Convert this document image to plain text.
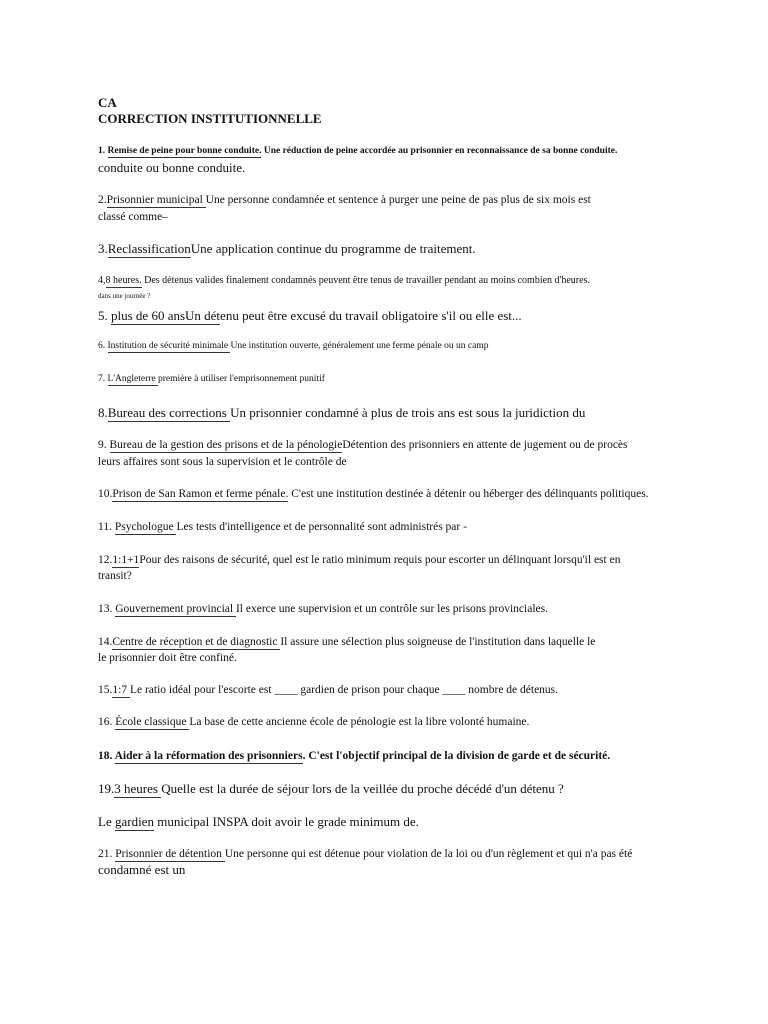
CA
CORRECTION INSTITUTIONNELLE
1. Remise de peine pour bonne conduite. Une réduction de peine accordée au prisonnier en reconnaissance de sa bonne conduite.
conduite ou bonne conduite.
2.Prisonnier municipal Une personne condamnée et sentence à purger une peine de pas plus de six mois est
classé comme–
3.ReclassificationUne application continue du programme de traitement.
4,8 heures. Des détenus valides finalement condamnés peuvent être tenus de travailler pendant au moins combien d'heures.
dans une journée ?
5. plus de 60 ansUn détenu peut être excusé du travail obligatoire s'il ou elle est...
6. Institution de sécurité minimale Une institution ouverte, généralement une ferme pénale ou un camp
7. L'Angleterre première à utiliser l'emprisonnement punitif
8.Bureau des corrections Un prisonnier condamné à plus de trois ans est sous la juridiction du
9. Bureau de la gestion des prisons et de la pénologieDétention des prisonniers en attente de jugement ou de procès
leurs affaires sont sous la supervision et le contrôle de
10.Prison de San Ramon et ferme pénale. C'est une institution destinée à détenir ou héberger des délinquants politiques.
11. Psychologue Les tests d'intelligence et de personnalité sont administrés par -
12.1:1+1Pour des raisons de sécurité, quel est le ratio minimum requis pour escorter un délinquant lorsqu'il est en
transit?
13. Gouvernement provincial Il exerce une supervision et un contrôle sur les prisons provinciales.
14.Centre de réception et de diagnostic Il assure une sélection plus soigneuse de l'institution dans laquelle le
le prisonnier doit être confiné.
15.1:7 Le ratio idéal pour l'escorte est ____ gardien de prison pour chaque ____ nombre de détenus.
16. École classique La base de cette ancienne école de pénologie est la libre volonté humaine.
18. Aider à la réformation des prisonniers. C'est l'objectif principal de la division de garde et de sécurité.
19.3 heures Quelle est la durée de séjour lors de la veillée du proche décédé d'un détenu ?
Le gardien municipal INSPA doit avoir le grade minimum de.
21. Prisonnier de détention Une personne qui est détenue pour violation de la loi ou d'un règlement et qui n'a pas été
condamné est un
